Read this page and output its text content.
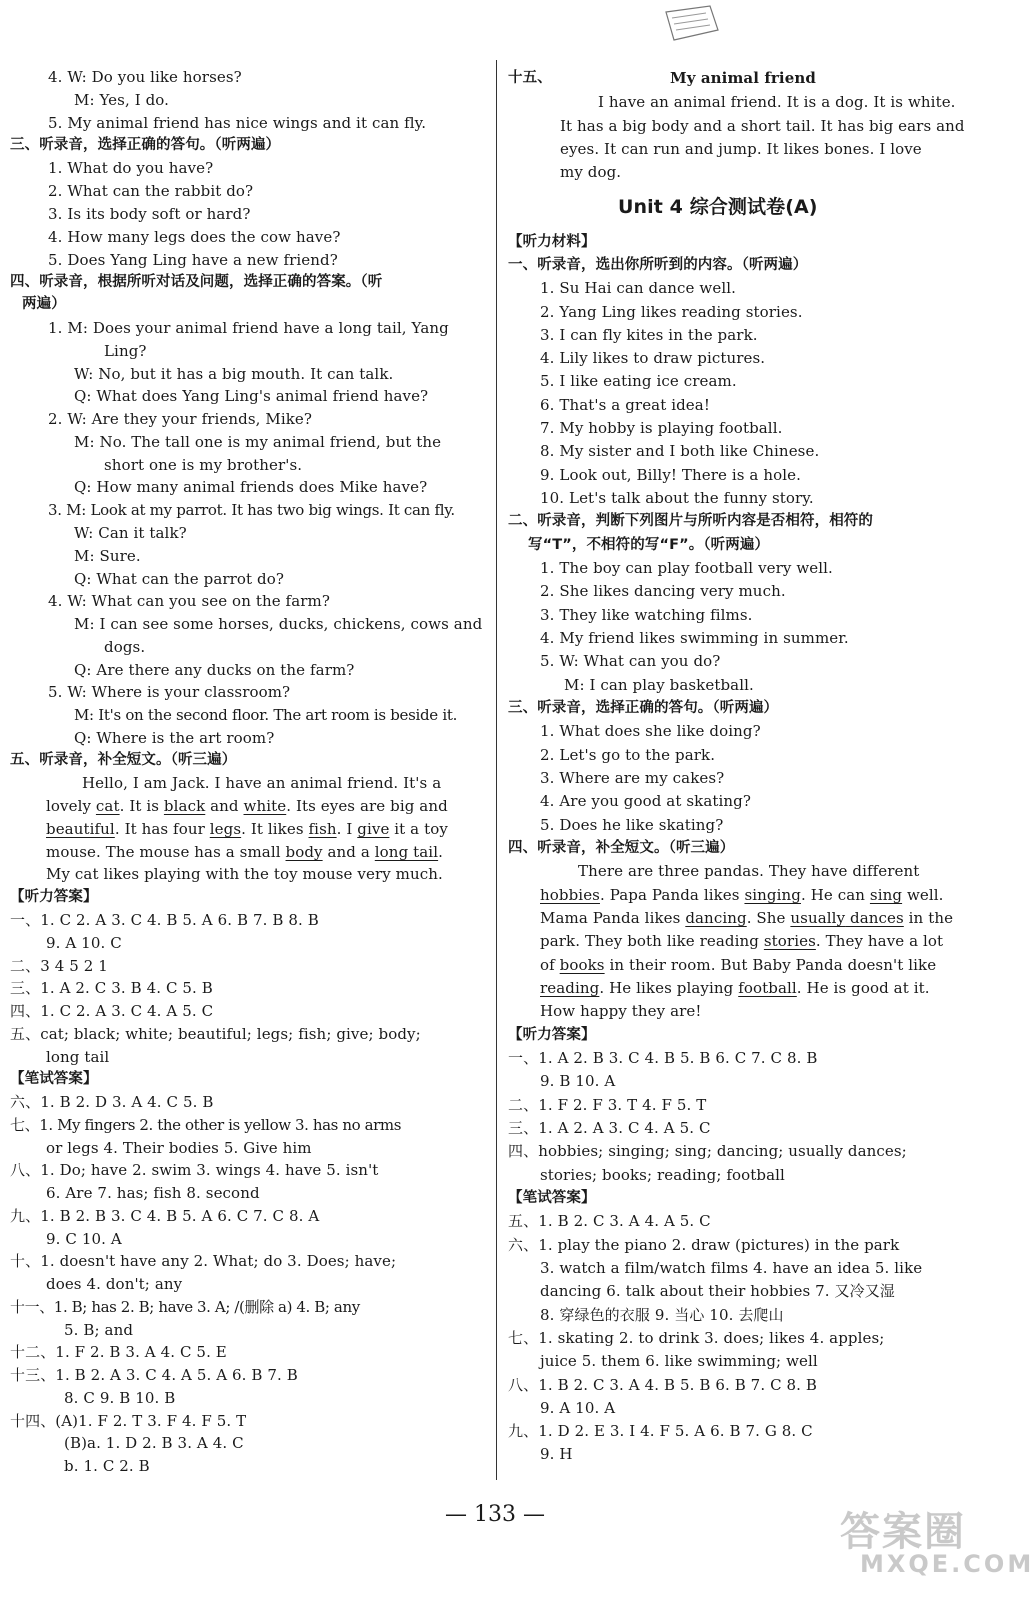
4. W: Do you like horses?
M: Yes, I do.
5. My animal friend has nice wings and it can fly.
三、听录音，选择正确的答句。（听两遍）
1. What do you have?
2. What can the rabbit do?
3. Is its body soft or hard?
4. How many legs does the cow have?
5. Does Yang Ling have a new friend?
四、听录音，根据所听对话及问题，选择正确的答案。（听
两遍）
1. M: Does your animal friend have a long tail, Yang
Ling?
W: No, but it has a big mouth. It can talk.
Q: What does Yang Ling's animal friend have?
2. W: Are they your friends, Mike?
M: No. The tall one is my animal friend, but the
short one is my brother's.
Q: How many animal friends does Mike have?
3. M: Look at my parrot. It has two big wings. It can fly.
W: Can it talk?
M: Sure.
Q: What can the parrot do?
4. W: What can you see on the farm?
M: I can see some horses, ducks, chickens, cows and
dogs.
Q: Are there any ducks on the farm?
5. W: Where is your classroom?
M: It's on the second floor. The art room is beside it.
Q: Where is the art room?
五、听录音，补全短文。（听三遍）
Hello, I am Jack. I have an animal friend. It's a
lovely cat. It is black and white. Its eyes are big and
beautiful. It has four legs. It likes fish. I give it a toy
mouse. The mouse has a small body and a long tail.
My cat likes playing with the toy mouse very much.
【听力答案】
一、1. C 2. A 3. C 4. B 5. A 6. B 7. B 8. B
9. A 10. C
二、3 4 5 2 1
三、1. A 2. C 3. B 4. C 5. B
四、1. C 2. A 3. C 4. A 5. C
五、cat; black; white; beautiful; legs; fish; give; body;
long tail
【笔试答案】
六、1. B 2. D 3. A 4. C 5. B
七、1. My fingers 2. the other is yellow 3. has no arms
or legs 4. Their bodies 5. Give him
八、1. Do; have 2. swim 3. wings 4. have 5. isn't
6. Are 7. has; fish 8. second
九、1. B 2. B 3. C 4. B 5. A 6. C 7. C 8. A
9. C 10. A
十、1. doesn't have any 2. What; do 3. Does; have;
does 4. don't; any
十一、1. B; has 2. B; have 3. A; /(删除 a) 4. B; any
5. B; and
十二、1. F 2. B 3. A 4. C 5. E
十三、1. B 2. A 3. C 4. A 5. A 6. B 7. B
8. C 9. B 10. B
十四、(A)1. F 2. T 3. F 4. F 5. T
(B)a. 1. D 2. B 3. A 4. C
b. 1. C 2. B
十五、	My animal friend
I have an animal friend. It is a dog. It is white.
It has a big body and a short tail. It has big ears and
eyes. It can run and jump. It likes bones. I love
my dog.
Unit 4 综合测试卷(A)
【听力材料】
一、听录音，选出你所听到的内容。（听两遍）
1. Su Hai can dance well.
2. Yang Ling likes reading stories.
3. I can fly kites in the park.
4. Lily likes to draw pictures.
5. I like eating ice cream.
6. That's a great idea!
7. My hobby is playing football.
8. My sister and I both like Chinese.
9. Look out, Billy! There is a hole.
10. Let's talk about the funny story.
二、听录音，判断下列图片与所听内容是否相符，相符的
写“T”，不相符的写“F”。（听两遍）
1. The boy can play football very well.
2. She likes dancing very much.
3. They like watching films.
4. My friend likes swimming in summer.
5. W: What can you do?
M: I can play basketball.
三、听录音，选择正确的答句。（听两遍）
1. What does she like doing?
2. Let's go to the park.
3. Where are my cakes?
4. Are you good at skating?
5. Does he like skating?
四、听录音，补全短文。（听三遍）
There are three pandas. They have different
hobbies. Papa Panda likes singing. He can sing well.
Mama Panda likes dancing. She usually dances in the
park. They both like reading stories. They have a lot
of books in their room. But Baby Panda doesn't like
reading. He likes playing football. He is good at it.
How happy they are!
【听力答案】
一、1. A 2. B 3. C 4. B 5. B 6. C 7. C 8. B
9. B 10. A
二、1. F 2. F 3. T 4. F 5. T
三、1. A 2. A 3. C 4. A 5. C
四、hobbies; singing; sing; dancing; usually dances;
stories; books; reading; football
【笔试答案】
五、1. B 2. C 3. A 4. A 5. C
六、1. play the piano 2. draw (pictures) in the park
3. watch a film/watch films 4. have an idea 5. like
dancing 6. talk about their hobbies 7. 又冷又湿
8. 穿绿色的衣服 9. 当心 10. 去爬山
七、1. skating 2. to drink 3. does; likes 4. apples;
juice 5. them 6. like swimming; well
八、1. B 2. C 3. A 4. B 5. B 6. B 7. C 8. B
9. A 10. A
九、1. D 2. E 3. I 4. F 5. A 6. B 7. G 8. C
9. H
— 133 —	答案圈
MXQE.COM
